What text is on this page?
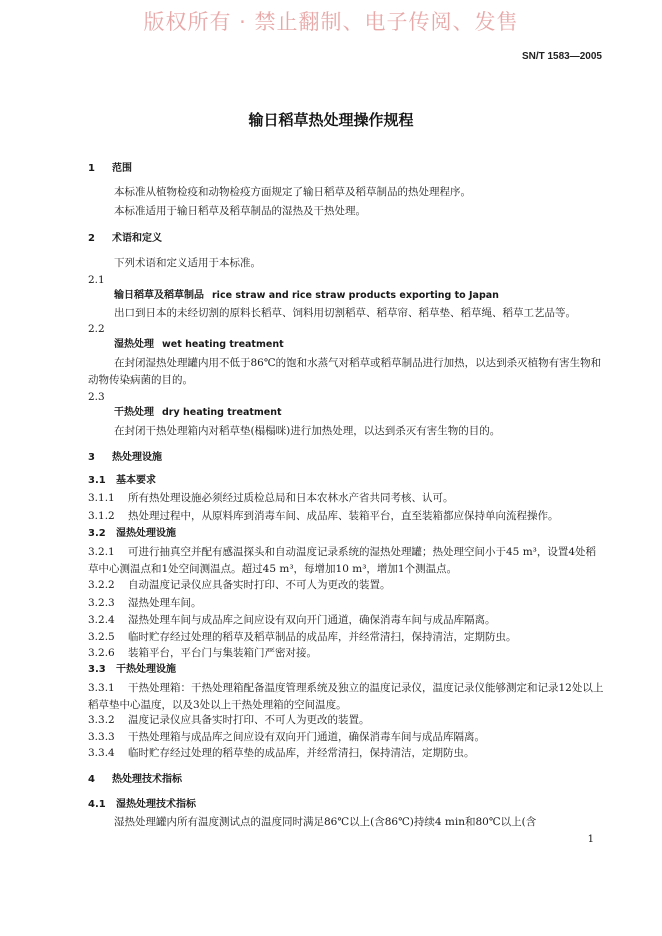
版权所有 · 禁止翻制、电子传阅、发售
SN/T 1583—2005
输日稻草热处理操作规程
1 范围
本标准从植物检疫和动物检疫方面规定了输日稻草及稻草制品的热处理程序。
本标准适用于输日稻草及稻草制品的湿热及干热处理。
2 术语和定义
下列术语和定义适用于本标准。
2.1
输日稻草及稻草制品 rice straw and rice straw products exporting to Japan
出口到日本的未经切割的原料长稻草、饲料用切割稻草、稻草帘、稻草垫、稻草绳、稻草工艺品等。
2.2
湿热处理 wet heating treatment
在封闭湿热处理罐内用不低于86℃的饱和水蒸气对稻草或稻草制品进行加热，以达到杀灭植物有害生物和动物传染病菌的目的。
2.3
干热处理 dry heating treatment
在封闭干热处理箱内对稻草垫(榻榻咪)进行加热处理，以达到杀灭有害生物的目的。
3 热处理设施
3.1 基本要求
3.1.1 所有热处理设施必须经过质检总局和日本农林水产省共同考核、认可。
3.1.2 热处理过程中，从原料库到消毒车间、成品库、装箱平台，直至装箱都应保持单向流程操作。
3.2 湿热处理设施
3.2.1 可进行抽真空并配有感温探头和自动温度记录系统的湿热处理罐；热处理空间小于45 m³，设置4处稻草中心测温点和1处空间测温点。超过45 m³，每增加10 m³，增加1个测温点。
3.2.2 自动温度记录仪应具备实时打印、不可人为更改的装置。
3.2.3 湿热处理车间。
3.2.4 湿热处理车间与成品库之间应设有双向开门通道，确保消毒车间与成品库隔离。
3.2.5 临时贮存经过处理的稻草及稻草制品的成品库，并经常清扫，保持清洁，定期防虫。
3.2.6 装箱平台，平台门与集装箱门严密对接。
3.3 干热处理设施
3.3.1 干热处理箱：干热处理箱配备温度管理系统及独立的温度记录仪，温度记录仪能够测定和记录12处以上稻草垫中心温度，以及3处以上干热处理箱的空间温度。
3.3.2 温度记录仪应具备实时打印、不可人为更改的装置。
3.3.3 干热处理箱与成品库之间应设有双向开门通道，确保消毒车间与成品库隔离。
3.3.4 临时贮存经过处理的稻草垫的成品库，并经常清扫，保持清洁，定期防虫。
4 热处理技术指标
4.1 湿热处理技术指标
湿热处理罐内所有温度测试点的温度同时满足86℃以上(含86℃)持续4 min和80℃以上(含
1
